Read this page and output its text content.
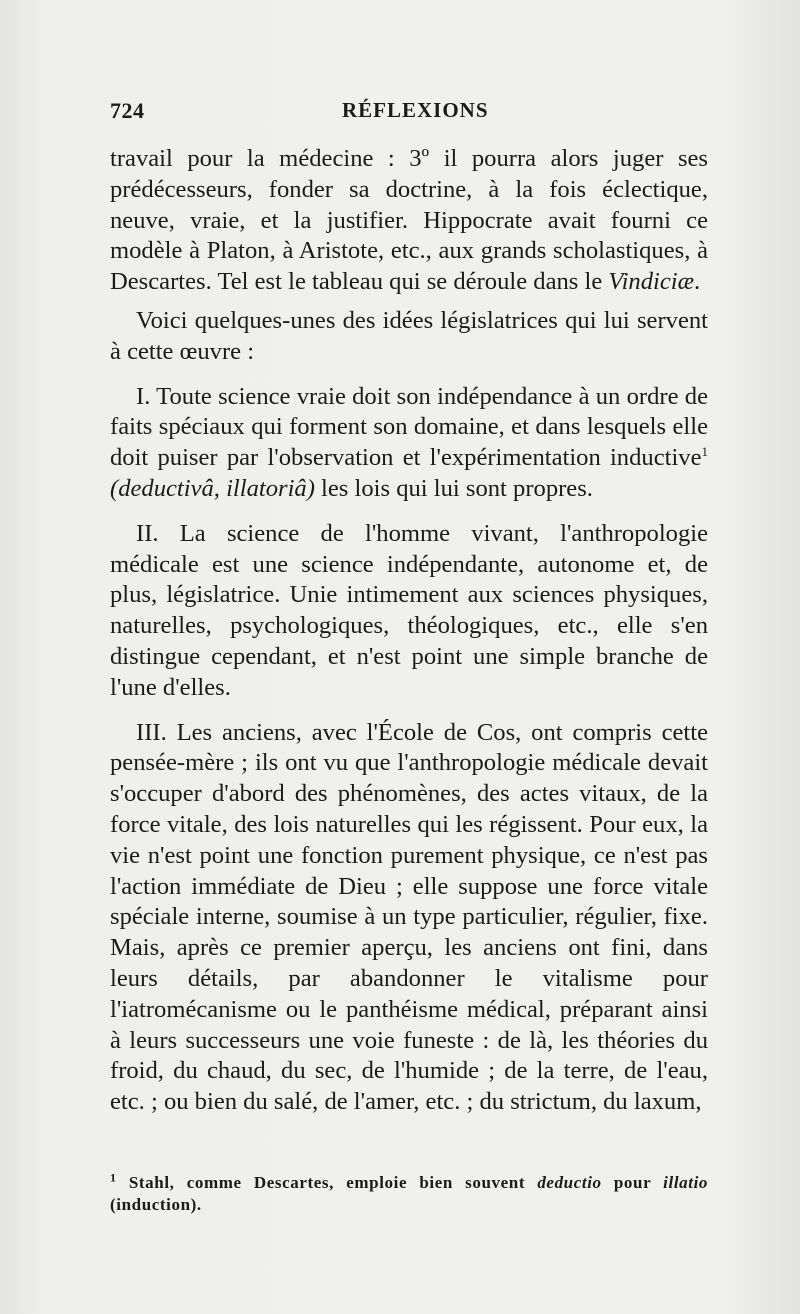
724	RÉFLEXIONS

travail pour la médecine : 3º il pourra alors juger ses prédécesseurs, fonder sa doctrine, à la fois éclectique, neuve, vraie, et la justifier. Hippocrate avait fourni ce modèle à Platon, à Aristote, etc., aux grands scholastiques, à Descartes. Tel est le tableau qui se déroule dans le Vindiciæ.

Voici quelques-unes des idées législatrices qui lui servent à cette œuvre :

I. Toute science vraie doit son indépendance à un ordre de faits spéciaux qui forment son domaine, et dans lesquels elle doit puiser par l'observation et l'expérimentation inductive$^1$ (deductivâ, illatoriâ) les lois qui lui sont propres.

II. La science de l'homme vivant, l'anthropologie médicale est une science indépendante, autonome et, de plus, législatrice. Unie intimement aux sciences physiques, naturelles, psychologiques, théologiques, etc., elle s'en distingue cependant, et n'est point une simple branche de l'une d'elles.

III. Les anciens, avec l'École de Cos, ont compris cette pensée-mère ; ils ont vu que l'anthropologie médicale devait s'occuper d'abord des phénomènes, des actes vitaux, de la force vitale, des lois naturelles qui les régissent. Pour eux, la vie n'est point une fonction purement physique, ce n'est pas l'action immédiate de Dieu ; elle suppose une force vitale spéciale interne, soumise à un type particulier, régulier, fixe. Mais, après ce premier aperçu, les anciens ont fini, dans leurs détails, par abandonner le vitalisme pour l'iatromécanisme ou le panthéisme médical, préparant ainsi à leurs successeurs une voie funeste : de là, les théories du froid, du chaud, du sec, de l'humide ; de la terre, de l'eau, etc. ; ou bien du salé, de l'amer, etc. ; du strictum, du laxum,

$^1$ Stahl, comme Descartes, emploie bien souvent deductio pour illatio (induction).
